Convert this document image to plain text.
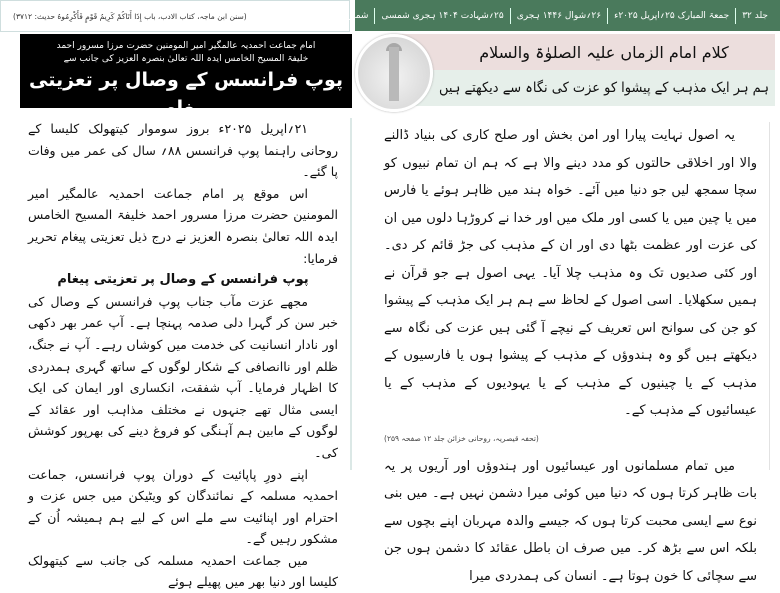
(سنن ابن ماجہ، کتاب الادب، باب إِذَا أَتَاكُمْ كَرِيمُ قَوْمٍ فَأَكْرِمُوهُ حدیث: ۳۷۱۲)	جلد ۳۲
جمعۃ المبارک ۲۵؍اپریل ۲۰۲۵ء
۲۶؍شوال ۱۴۴۶ ہجری
۲۵؍شہادت ۱۴۰۴ ہجری شمسی
شمارہ ۹۸
امام جماعت احمدیہ عالمگیر امیر المومنین حضرت مرزا مسرور احمد
خلیفۃ المسیح الخامس ایدہ اللہ تعالیٰ بنصرہ العزیز کی جانب سے
پوپ فرانسس کے وصال پر تعزیتی پیغام
کلام امام الزماں علیہ الصلوٰۃ والسلام
ہم ہر ایک مذہب کے پیشوا کو عزت کی نگاہ سے دیکھتے ہیں

۲۱؍اپریل ۲۰۲۵ء بروز سوموار کیتھولک کلیسا کے روحانی راہنما پوپ فرانسس ۸۸؍ سال کی عمر میں وفات پا گئے۔

اس موقع پر امام جماعت احمدیہ عالمگیر امیر المومنین حضرت مرزا مسرور احمد خلیفۃ المسیح الخامس ایدہ اللہ تعالیٰ بنصرہ العزیز نے درج ذیل تعزیتی پیغام تحریر فرمایا:

پوپ فرانسس کے وصال پر تعزیتی پیغام

مجھے عزت مآب جناب پوپ فرانسس کے وصال کی خبر سن کر گہرا دلی صدمہ پہنچا ہے۔ آپ عمر بھر دکھی اور نادار انسانیت کی خدمت میں کوشاں رہے۔ آپ نے جنگ، ظلم اور ناانصافی کے شکار لوگوں کے ساتھ گہری ہمدردی کا اظہار فرمایا۔ آپ شفقت، انکساری اور ایمان کی ایک ایسی مثال تھے جنہوں نے مختلف مذاہب اور عقائد کے لوگوں کے مابین ہم آہنگی کو فروغ دینے کی بھرپور کوشش کی۔

اپنے دورِ پاپائیت کے دوران پوپ فرانسس، جماعت احمدیہ مسلمہ کے نمائندگان کو ویٹیکن میں جس عزت و احترام اور اپنائیت سے ملے اس کے لیے ہم ہمیشہ اُن کے مشکور رہیں گے۔

میں جماعت احمدیہ مسلمہ کی جانب سے کیتھولک کلیسا اور دنیا بھر میں پھیلے ہوئے

یہ اصول نہایت پیارا اور امن بخش اور صلح کاری کی بنیاد ڈالنے والا اور اخلاقی حالتوں کو مدد دینے والا ہے کہ ہم ان تمام نبیوں کو سچا سمجھ لیں جو دنیا میں آئے۔ خواہ ہند میں ظاہر ہوئے یا فارس میں یا چین میں یا کسی اور ملک میں اور خدا نے کروڑہا دلوں میں ان کی عزت اور عظمت بٹھا دی اور ان کے مذہب کی جڑ قائم کر دی۔ اور کئی صدیوں تک وہ مذہب چلا آیا۔ یہی اصول ہے جو قرآن نے ہمیں سکھلایا۔ اسی اصول کے لحاظ سے ہم ہر ایک مذہب کے پیشوا کو جن کی سوانح اس تعریف کے نیچے آ گئی ہیں عزت کی نگاہ سے دیکھتے ہیں گو وہ ہندوؤں کے مذہب کے پیشوا ہوں یا فارسیوں کے مذہب کے یا چینیوں کے مذہب کے یا یہودیوں کے مذہب کے یا عیسائیوں کے مذہب کے۔

(تحفہ قیصریہ، روحانی خزائن جلد ۱۲ صفحہ ۲۵۹)

میں تمام مسلمانوں اور عیسائیوں اور ہندوؤں اور آریوں پر یہ بات ظاہر کرتا ہوں کہ دنیا میں کوئی میرا دشمن نہیں ہے۔ میں بنی نوع سے ایسی محبت کرتا ہوں کہ جیسے والدہ مہربان اپنے بچوں سے بلکہ اس سے بڑھ کر۔ میں صرف ان باطل عقائد کا دشمن ہوں جن سے سچائی کا خون ہوتا ہے۔ انسان کی ہمدردی میرا
